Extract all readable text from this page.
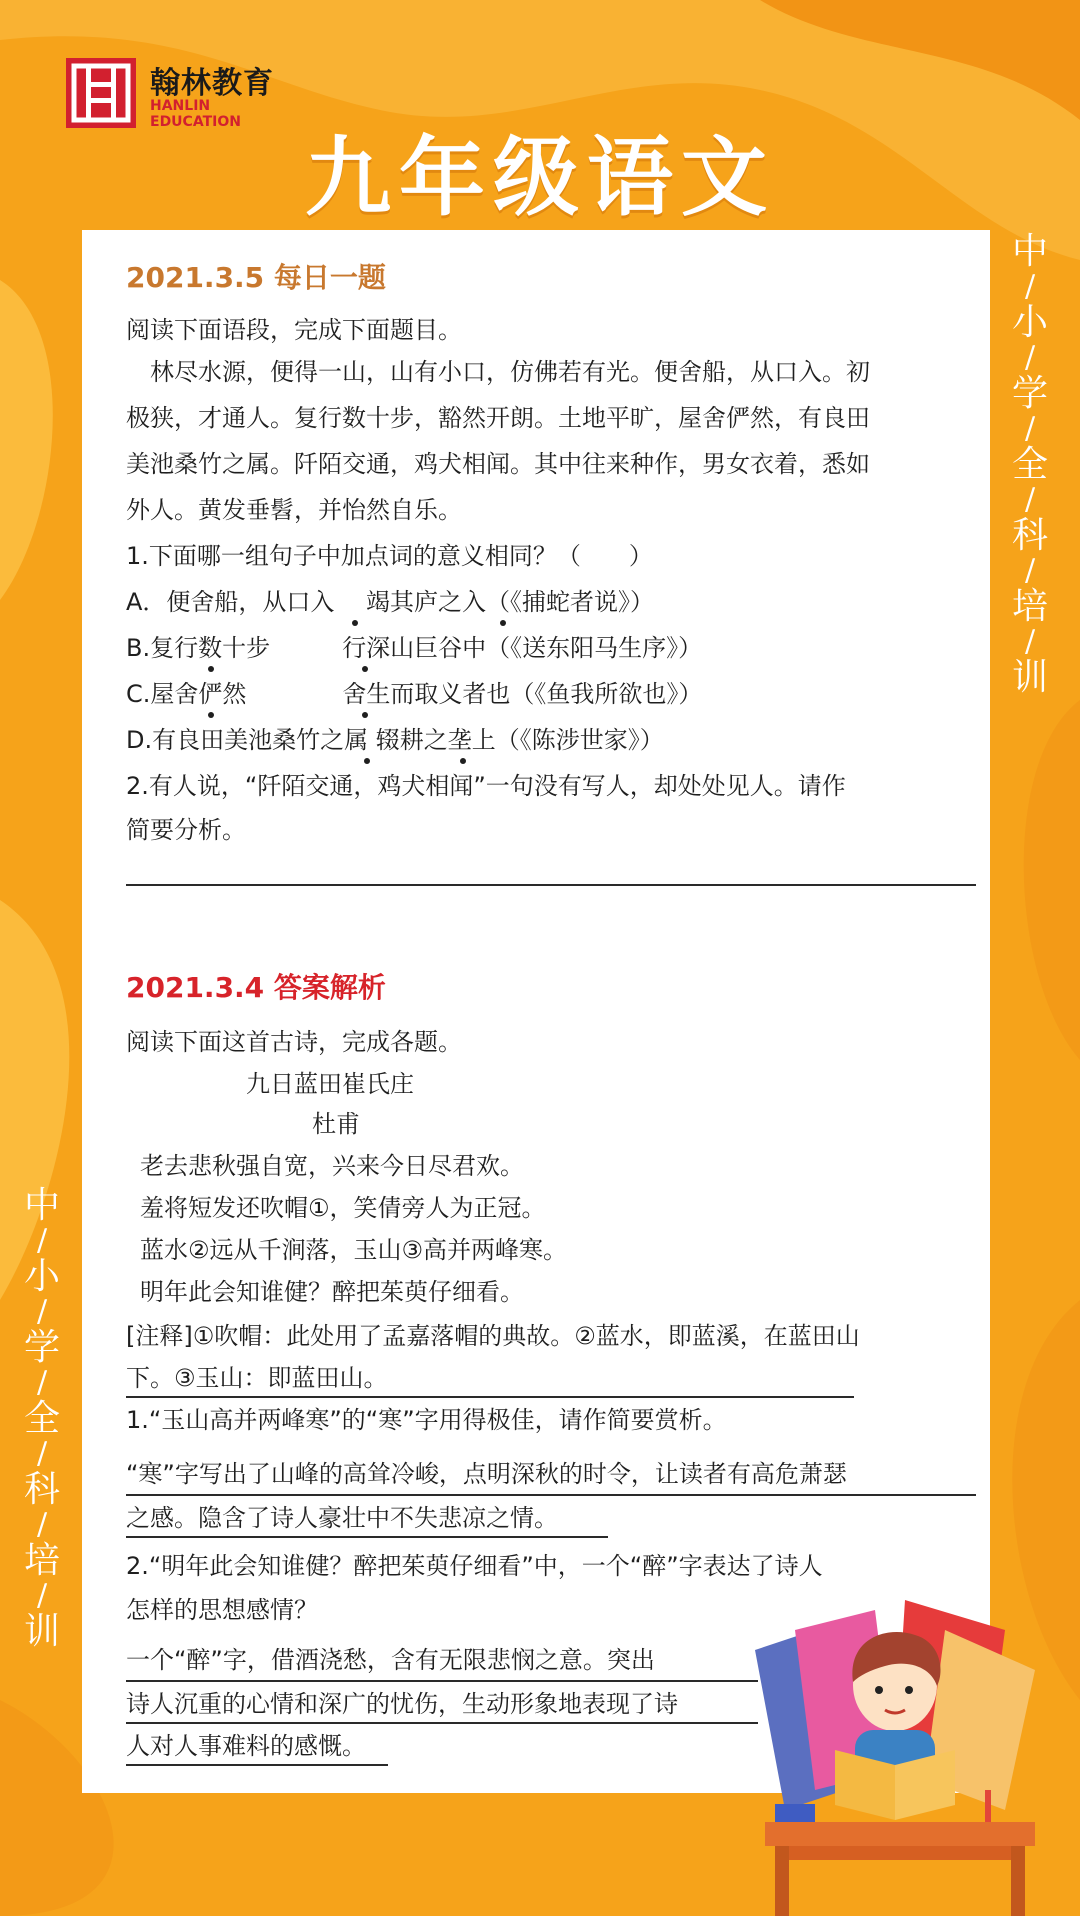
翰林教育
HANLIN
EDUCATION
九年级语文
中
/
小
/
学
/
全
/
科
/
培
/
训
中
/
小
/
学
/
全
/
科
/
培
/
训
2021.3.5 每日一题
阅读下面语段，完成下面题目。
　林尽水源，便得一山，山有小口，仿佛若有光。便舍船，从口入。初
极狭，才通人。复行数十步，豁然开朗。土地平旷，屋舍俨然，有良田
美池桑竹之属。阡陌交通，鸡犬相闻。其中往来种作，男女衣着，悉如
外人。黄发垂髫，并怡然自乐。
1.下面哪一组句子中加点词的意义相同？（　　）
A．便舍船，从口入　 竭其庐之入（《捕蛇者说》）
B.复行数十步　　　行深山巨谷中（《送东阳马生序》）
C.屋舍俨然　　　　舍生而取义者也（《鱼我所欲也》）
D.有良田美池桑竹之属 辍耕之垄上（《陈涉世家》）
2.有人说，“阡陌交通，鸡犬相闻”一句没有写人，却处处见人。请作
简要分析。
2021.3.4 答案解析
阅读下面这首古诗，完成各题。
九日蓝田崔氏庄
杜甫
老去悲秋强自宽，兴来今日尽君欢。
羞将短发还吹帽①，笑倩旁人为正冠。
蓝水②远从千涧落，玉山③高并两峰寒。
明年此会知谁健？醉把茱萸仔细看。
[注释]①吹帽：此处用了孟嘉落帽的典故。②蓝水，即蓝溪，在蓝田山
下。③玉山：即蓝田山。
1.“玉山高并两峰寒”的“寒”字用得极佳，请作简要赏析。
“寒”字写出了山峰的高耸冷峻，点明深秋的时令，让读者有高危萧瑟
之感。隐含了诗人豪壮中不失悲凉之情。
2.“明年此会知谁健？醉把茱萸仔细看”中，一个“醉”字表达了诗人
怎样的思想感情？
一个“醉”字，借酒浇愁，含有无限悲悯之意。突出
诗人沉重的心情和深广的忧伤，生动形象地表现了诗
人对人事难料的感慨。
